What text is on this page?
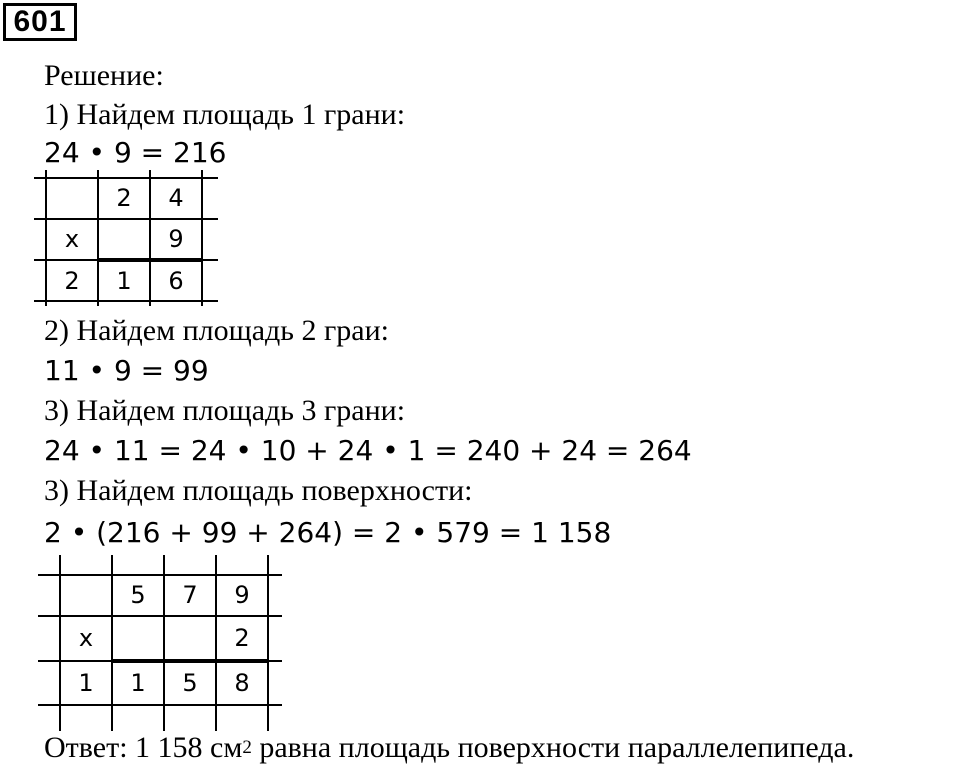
601
Решение:
1) Найдем площадь 1 грани:
24 • 9 = 216
2 4
x	9
2 1 6
2) Найдем площадь 2 граи:
11 • 9 = 99
3) Найдем площадь 3 грани:
24 • 11 = 24 • 10 + 24 • 1 = 240 + 24 = 264
3) Найдем площадь поверхности:
2 • (216 + 99 + 264) = 2 • 579 = 1 158
5 7 9
x	2
1 1 5 8
Ответ: 1 158 $см^2$ равна площадь поверхности параллелепипеда.
